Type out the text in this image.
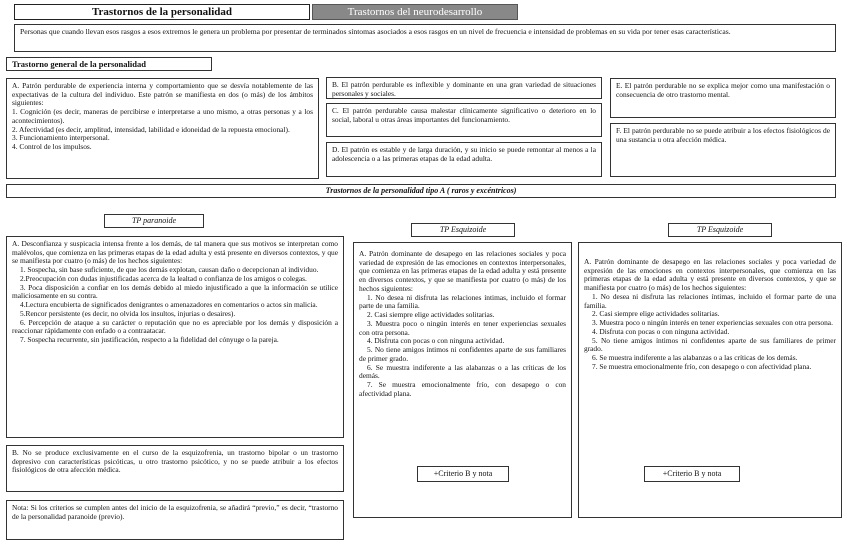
Trastornos de la personalidad	Trastornos del neurodesarrollo
Personas que cuando llevan esos rasgos a esos extremos le genera un problema por presentar de terminados síntomas asociados a esos rasgos en un nivel de frecuencia e intensidad de problemas en su vida por tener esas características.
Trastorno general de la personalidad

A. Patrón perdurable de experiencia interna y comportamiento que se desvía notablemente de las expectativas de la cultura del individuo. Este patrón se manifiesta en dos (o más) de los ámbitos siguientes:

1. Cognición (es decir, maneras de percibirse e interpretarse a uno mismo, a otras personas y a los acontecimientos).

2. Afectividad (es decir, amplitud, intensidad, labilidad e idoneidad de la repuesta emocional).

3. Funcionamiento interpersonal.

4. Control de los impulsos.

B. El patrón perdurable es inflexible y dominante en una gran variedad de situaciones personales y sociales.
C. El patrón perdurable causa malestar clínicamente significativo o deterioro en lo social, laboral u otras áreas importantes del funcionamiento.
D. El patrón es estable y de larga duración, y su inicio se puede remontar al menos a la adolescencia o a las primeras etapas de la edad adulta.
E. El patrón perdurable no se explica mejor como una manifestación o consecuencia de otro trastorno mental.
F. El patrón perdurable no se puede atribuir a los efectos fisiológicos de una sustancia u otra afección médica.
Trastornos de la personalidad tipo A ( raros y excéntricos)
TP paranoide

A. Desconfianza y suspicacia intensa frente a los demás, de tal manera que sus motivos se interpretan como malévolos, que comienza en las primeras etapas de la edad adulta y está presente en diversos contextos, y que se manifiesta por cuatro (o más) de los hechos siguientes:

1. Sospecha, sin base suficiente, de que los demás explotan, causan daño o decepcionan al individuo.

2.Preocupación con dudas injustificadas acerca de la lealtad o confianza de los amigos o colegas.

3. Poca disposición a confiar en los demás debido al miedo injustificado a que la información se utilice maliciosamente en su contra.

4.Lectura encubierta de significados denigrantes o amenazadores en comentarios o actos sin malicia.

5.Rencor persistente (es decir, no olvida los insultos, injurias o desaires).

6. Percepción de ataque a su carácter o reputación que no es apreciable por los demás y disposición a reaccionar rápidamente con enfado o a contraatacar.

7. Sospecha recurrente, sin justificación, respecto a la fidelidad del cónyuge o la pareja.

B. No se produce exclusivamente en el curso de la esquizofrenia, un trastorno bipolar o un trastorno depresivo con características psicóticas, u otro trastorno psicótico, y no se puede atribuir a los efectos fisiológicos de otra afección médica.
Nota: Si los criterios se cumplen antes del inicio de la esquizofrenia, se añadirá “previo,” es decir, “trastorno de la personalidad paranoide (previo).
TP Esquizoide

A. Patrón dominante de desapego en las relaciones sociales y poca variedad de expresión de las emociones en contextos interpersonales, que comienza en las primeras etapas de la edad adulta y está presente en diversos contextos, y que se manifiesta por cuatro (o más) de los hechos siguientes:

1. No desea ni disfruta las relaciones íntimas, incluido el formar parte de una familia.

2. Casi siempre elige actividades solitarias.

3. Muestra poco o ningún interés en tener experiencias sexuales con otra persona.

4. Disfruta con pocas o con ninguna actividad.

5. No tiene amigos íntimos ni confidentes aparte de sus familiares de primer grado.

6. Se muestra indiferente a las alabanzas o a las críticas de los demás.

7. Se muestra emocionalmente frío, con desapego o con afectividad plana.

+Criterio B y nota
TP Esquizoide

A. Patrón dominante de desapego en las relaciones sociales y poca variedad de expresión de las emociones en contextos interpersonales, que comienza en las primeras etapas de la edad adulta y está presente en diversos contextos, y que se manifiesta por cuatro (o más) de los hechos siguientes:

1. No desea ni disfruta las relaciones íntimas, incluido el formar parte de una familia.

2. Casi siempre elige actividades solitarias.

3. Muestra poco o ningún interés en tener experiencias sexuales con otra persona.

4. Disfruta con pocas o con ninguna actividad.

5. No tiene amigos íntimos ni confidentes aparte de sus familiares de primer grado.

6. Se muestra indiferente a las alabanzas o a las críticas de los demás.

7. Se muestra emocionalmente frío, con desapego o con afectividad plana.

+Criterio B y nota
